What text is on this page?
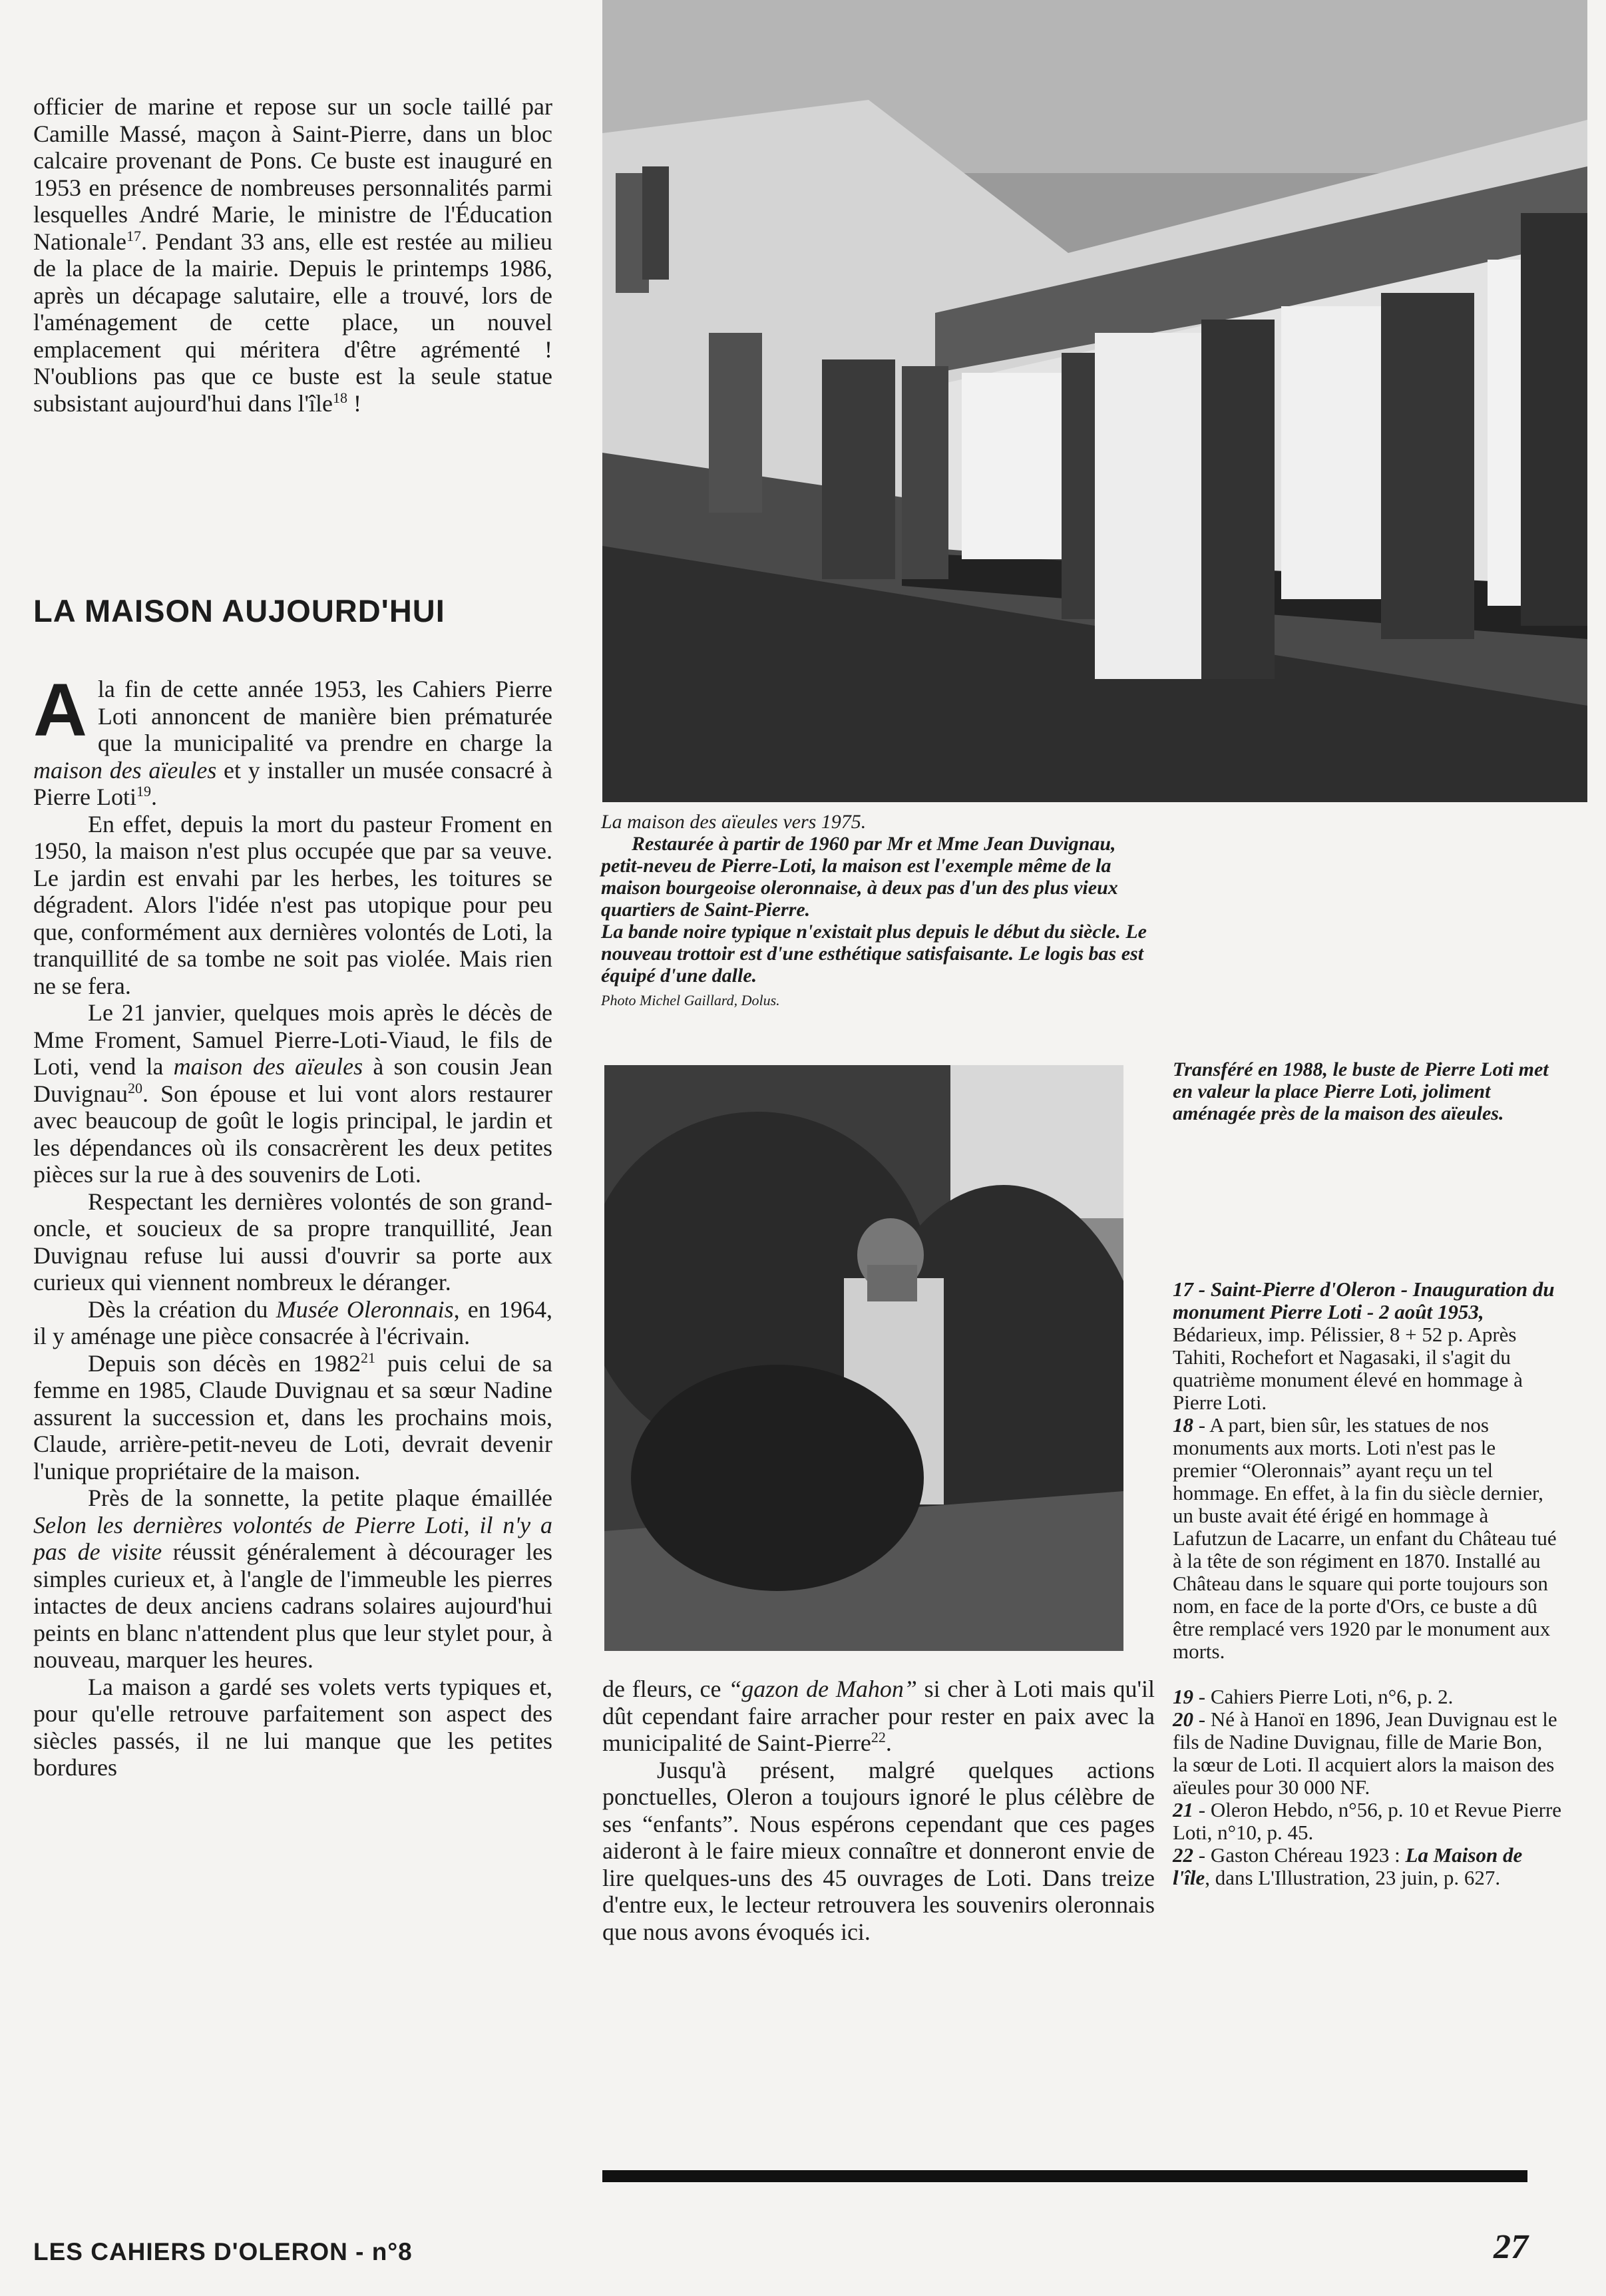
officier de marine et repose sur un socle taillé par Camille Massé, maçon à Saint-Pierre, dans un bloc calcaire provenant de Pons. Ce buste est inauguré en 1953 en présence de nombreuses personnalités parmi lesquelles André Marie, le ministre de l'Éducation Nationale$^{17}$. Pendant 33 ans, elle est restée au milieu de la place de la mairie. Depuis le printemps 1986, après un décapage salutaire, elle a trouvé, lors de l'aménagement de cette place, un nouvel emplacement qui méritera d'être agrémenté ! N'oublions pas que ce buste est la seule statue subsistant aujourd'hui dans l'île$^{18}$ !

LA MAISON AUJOURD'HUI

Ala fin de cette année 1953, les Cahiers Pierre Loti annoncent de manière bien prématurée que la municipalité va prendre en charge la maison des aïeules et y installer un musée consacré à Pierre Loti$^{19}$.

En effet, depuis la mort du pasteur Froment en 1950, la maison n'est plus occupée que par sa veuve. Le jardin est envahi par les herbes, les toitures se dégradent. Alors l'idée n'est pas utopique pour peu que, conformément aux dernières volontés de Loti, la tranquillité de sa tombe ne soit pas violée. Mais rien ne se fera.

Le 21 janvier, quelques mois après le décès de Mme Froment, Samuel Pierre-Loti-Viaud, le fils de Loti, vend la maison des aïeules à son cousin Jean Duvignau$^{20}$. Son épouse et lui vont alors restaurer avec beaucoup de goût le logis principal, le jardin et les dépendances où ils consacrèrent les deux petites pièces sur la rue à des souvenirs de Loti.

Respectant les dernières volontés de son grand-oncle, et soucieux de sa propre tranquillité, Jean Duvignau refuse lui aussi d'ouvrir sa porte aux curieux qui viennent nombreux le déranger.

Dès la création du Musée Oleronnais, en 1964, il y aménage une pièce consacrée à l'écrivain.

Depuis son décès en 1982$^{21}$ puis celui de sa femme en 1985, Claude Duvignau et sa sœur Nadine assurent la succession et, dans les prochains mois, Claude, arrière-petit-neveu de Loti, devrait devenir l'unique propriétaire de la maison.

Près de la sonnette, la petite plaque émaillée Selon les dernières volontés de Pierre Loti, il n'y a pas de visite réussit généralement à décourager les simples curieux et, à l'angle de l'immeuble les pierres intactes de deux anciens cadrans solaires aujourd'hui peints en blanc n'attendent plus que leur stylet pour, à nouveau, marquer les heures.

La maison a gardé ses volets verts typiques et, pour qu'elle retrouve parfaitement son aspect des siècles passés, il ne lui manque que les petites bordures

La maison des aïeules vers 1975.

Restaurée à partir de 1960 par Mr et Mme Jean Duvignau, petit-neveu de Pierre-Loti, la maison est l'exemple même de la maison bourgeoise oleronnaise, à deux pas d'un des plus vieux quartiers de Saint-Pierre.

La bande noire typique n'existait plus depuis le début du siècle. Le nouveau trottoir est d'une esthétique satisfaisante. Le logis bas est équipé d'une dalle.

Photo Michel Gaillard, Dolus.

Transféré en 1988, le buste de Pierre Loti met en valeur la place Pierre Loti, joliment aménagée près de la maison des aïeules.

de fleurs, ce “gazon de Mahon” si cher à Loti mais qu'il dût cependant faire arracher pour rester en paix avec la municipalité de Saint-Pierre$^{22}$.

Jusqu'à présent, malgré quelques actions ponctuelles, Oleron a toujours ignoré le plus célèbre de ses “enfants”. Nous espérons cependant que ces pages aideront à le faire mieux connaître et donneront envie de lire quelques-uns des 45 ouvrages de Loti. Dans treize d'entre eux, le lecteur retrouvera les souvenirs oleronnais que nous avons évoqués ici.

17 - Saint-Pierre d'Oleron - Inauguration du monument Pierre Loti - 2 août 1953, Bédarieux, imp. Pélissier, 8 + 52 p. Après Tahiti, Rochefort et Nagasaki, il s'agit du quatrième monument élevé en hommage à Pierre Loti.

18 - A part, bien sûr, les statues de nos monuments aux morts. Loti n'est pas le premier “Oleronnais” ayant reçu un tel hommage. En effet, à la fin du siècle dernier, un buste avait été érigé en hommage à Lafutzun de Lacarre, un enfant du Château tué à la tête de son régiment en 1870. Installé au Château dans le square qui porte toujours son nom, en face de la porte d'Ors, ce buste a dû être remplacé vers 1920 par le monument aux morts.

19 - Cahiers Pierre Loti, n°6, p. 2.

20 - Né à Hanoï en 1896, Jean Duvignau est le fils de Nadine Duvignau, fille de Marie Bon, la sœur de Loti. Il acquiert alors la maison des aïeules pour 30 000 NF.

21 - Oleron Hebdo, n°56, p. 10 et Revue Pierre Loti, n°10, p. 45.

22 - Gaston Chéreau 1923 : La Maison de l'île, dans L'Illustration, 23 juin, p. 627.

LES CAHIERS D'OLERON - n°8	27
